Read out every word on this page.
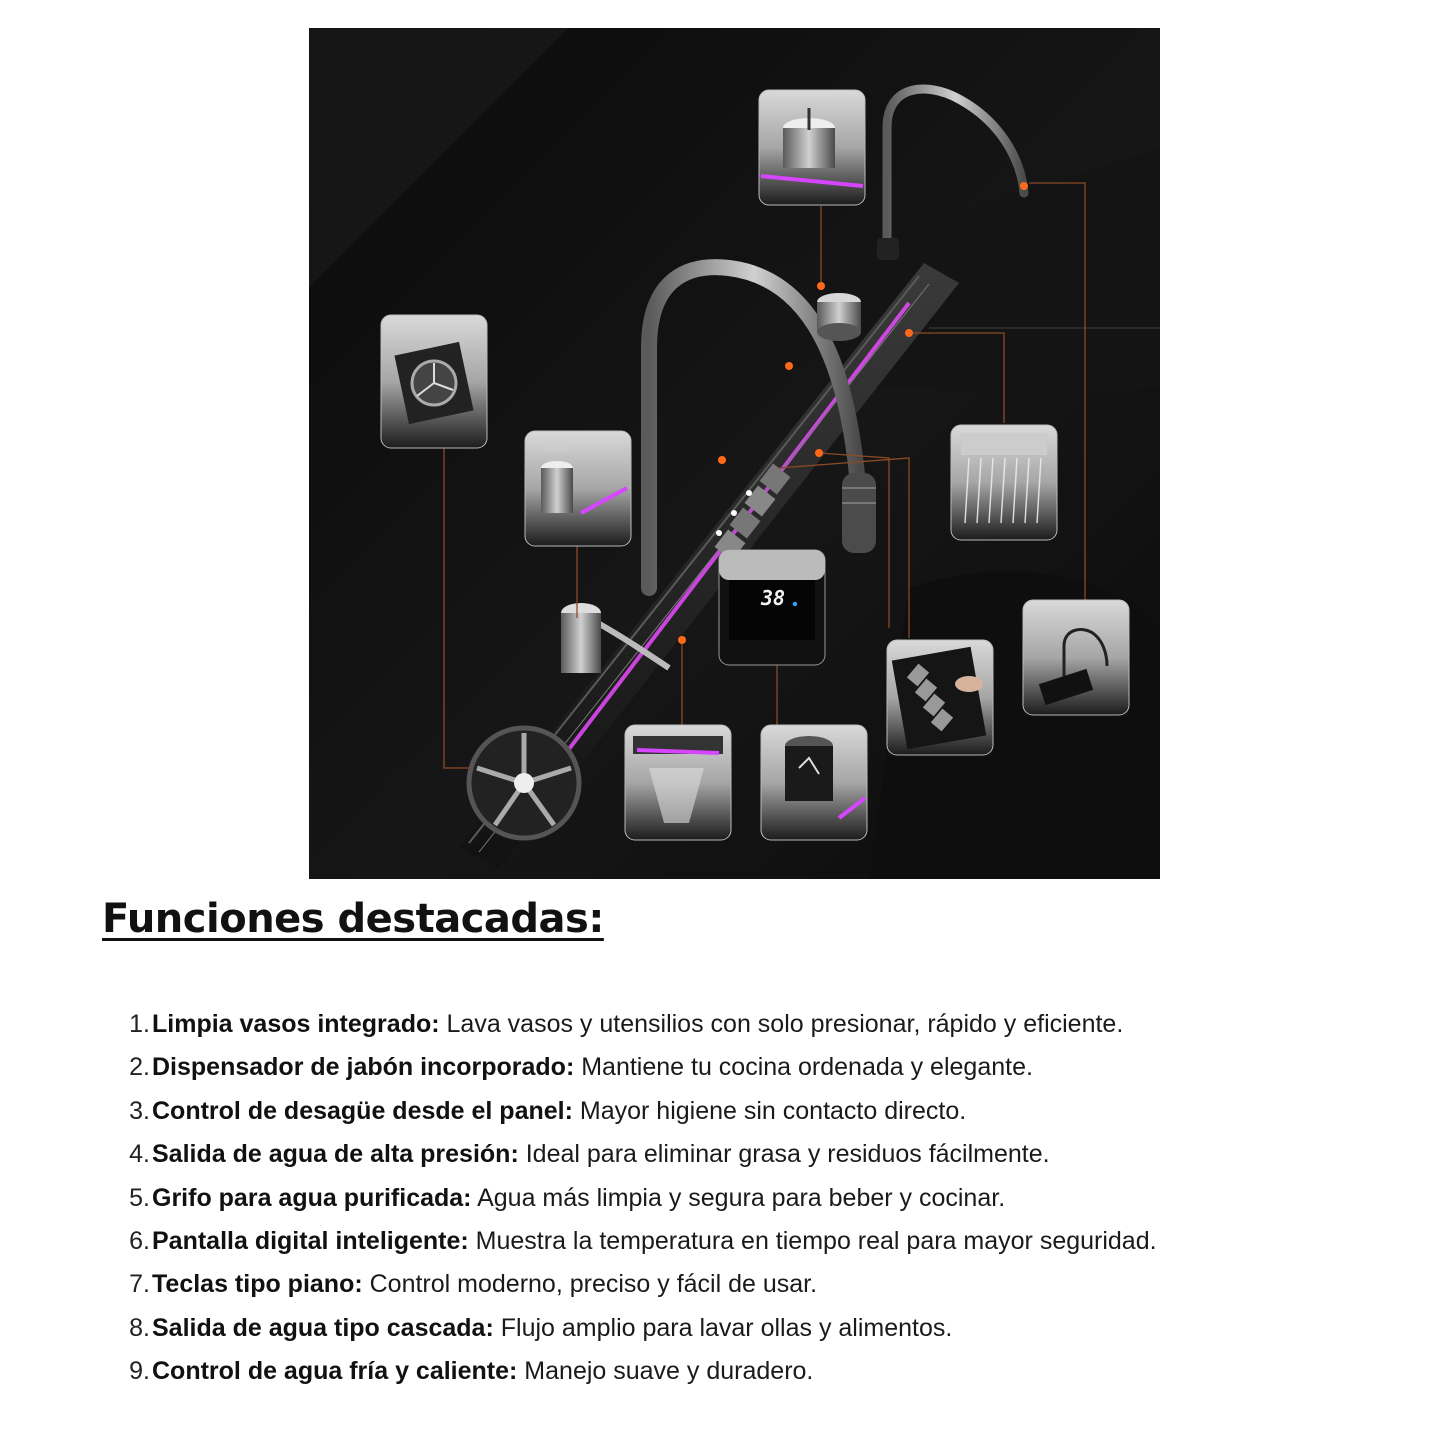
38
Funciones destacadas:
1.Limpia vasos integrado: Lava vasos y utensilios con solo presionar, rápido y eficiente.
2.Dispensador de jabón incorporado: Mantiene tu cocina ordenada y elegante.
3.Control de desagüe desde el panel: Mayor higiene sin contacto directo.
4.Salida de agua de alta presión: Ideal para eliminar grasa y residuos fácilmente.
5.Grifo para agua purificada: Agua más limpia y segura para beber y cocinar.
6.Pantalla digital inteligente: Muestra la temperatura en tiempo real para mayor seguridad.
7.Teclas tipo piano: Control moderno, preciso y fácil de usar.
8.Salida de agua tipo cascada: Flujo amplio para lavar ollas y alimentos.
9.Control de agua fría y caliente: Manejo suave y duradero.
